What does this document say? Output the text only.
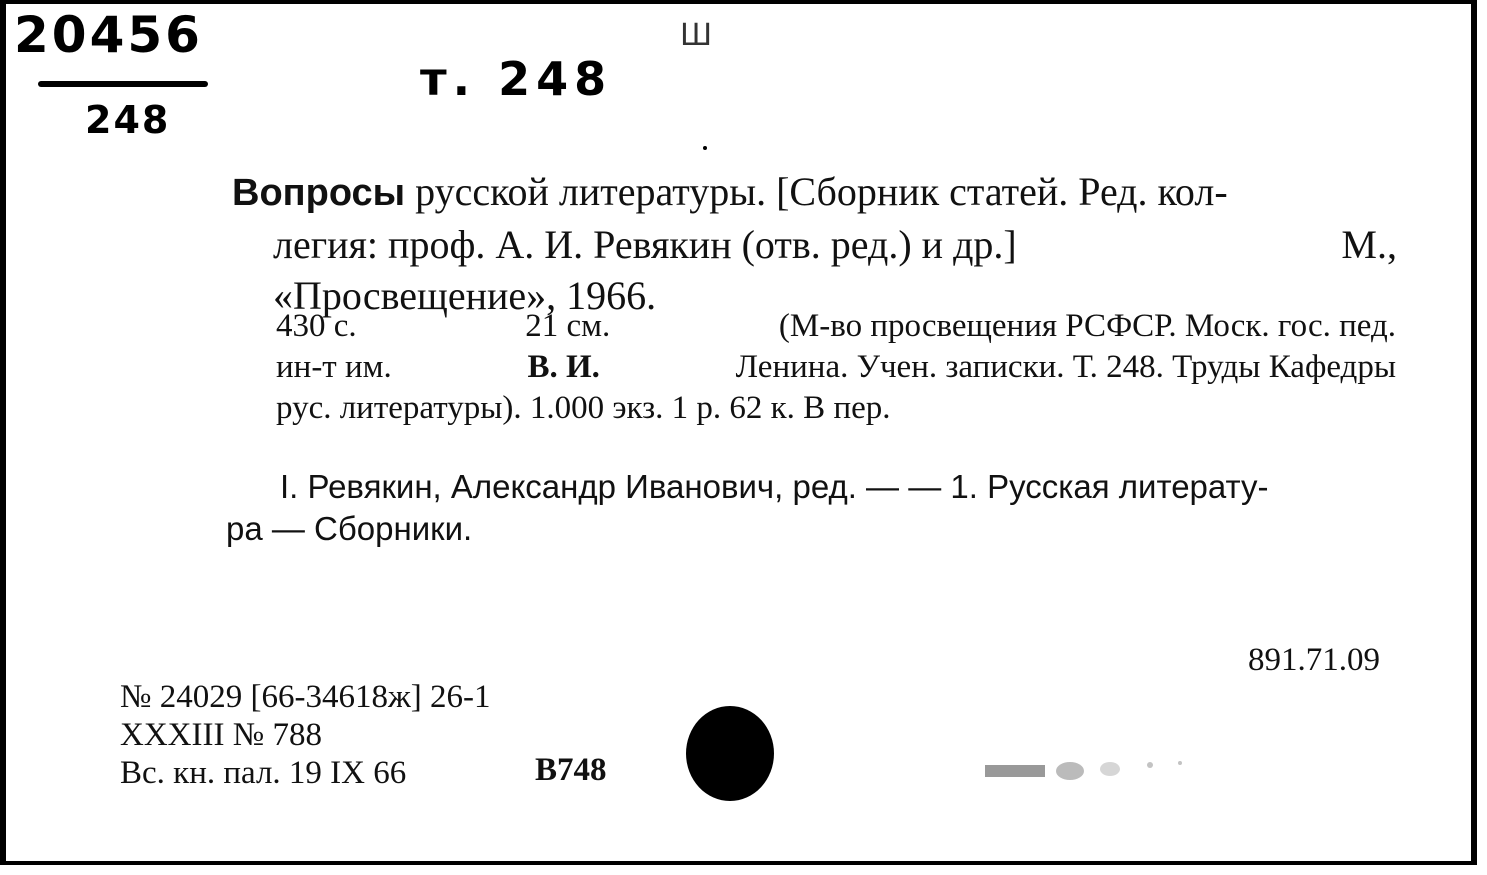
20456
248
т. 248
Ш
Вопросы русской литературы. [Сборник статей. Ред. кол-
легия: проф. А. И. Ревякин (отв. ред.) и др.]	М.,
«Просвещение», 1966.
430 с.	21 см.	(М-во просвещения РСФСР. Моск. гос. пед.
ин-т им.	В. И.	Ленина. Учен. записки. Т. 248. Труды Кафедры
рус. литературы). 1.000 экз. 1 р. 62 к. В пер.
I. Ревякин, Александр Иванович, ред. — — 1. Русская литерату-
ра — Сборники.
891.71.09
№ 24029 [66-34618ж] 26-1
XXXIII № 788
Вс. кн. пал. 19 IX 66	B748
